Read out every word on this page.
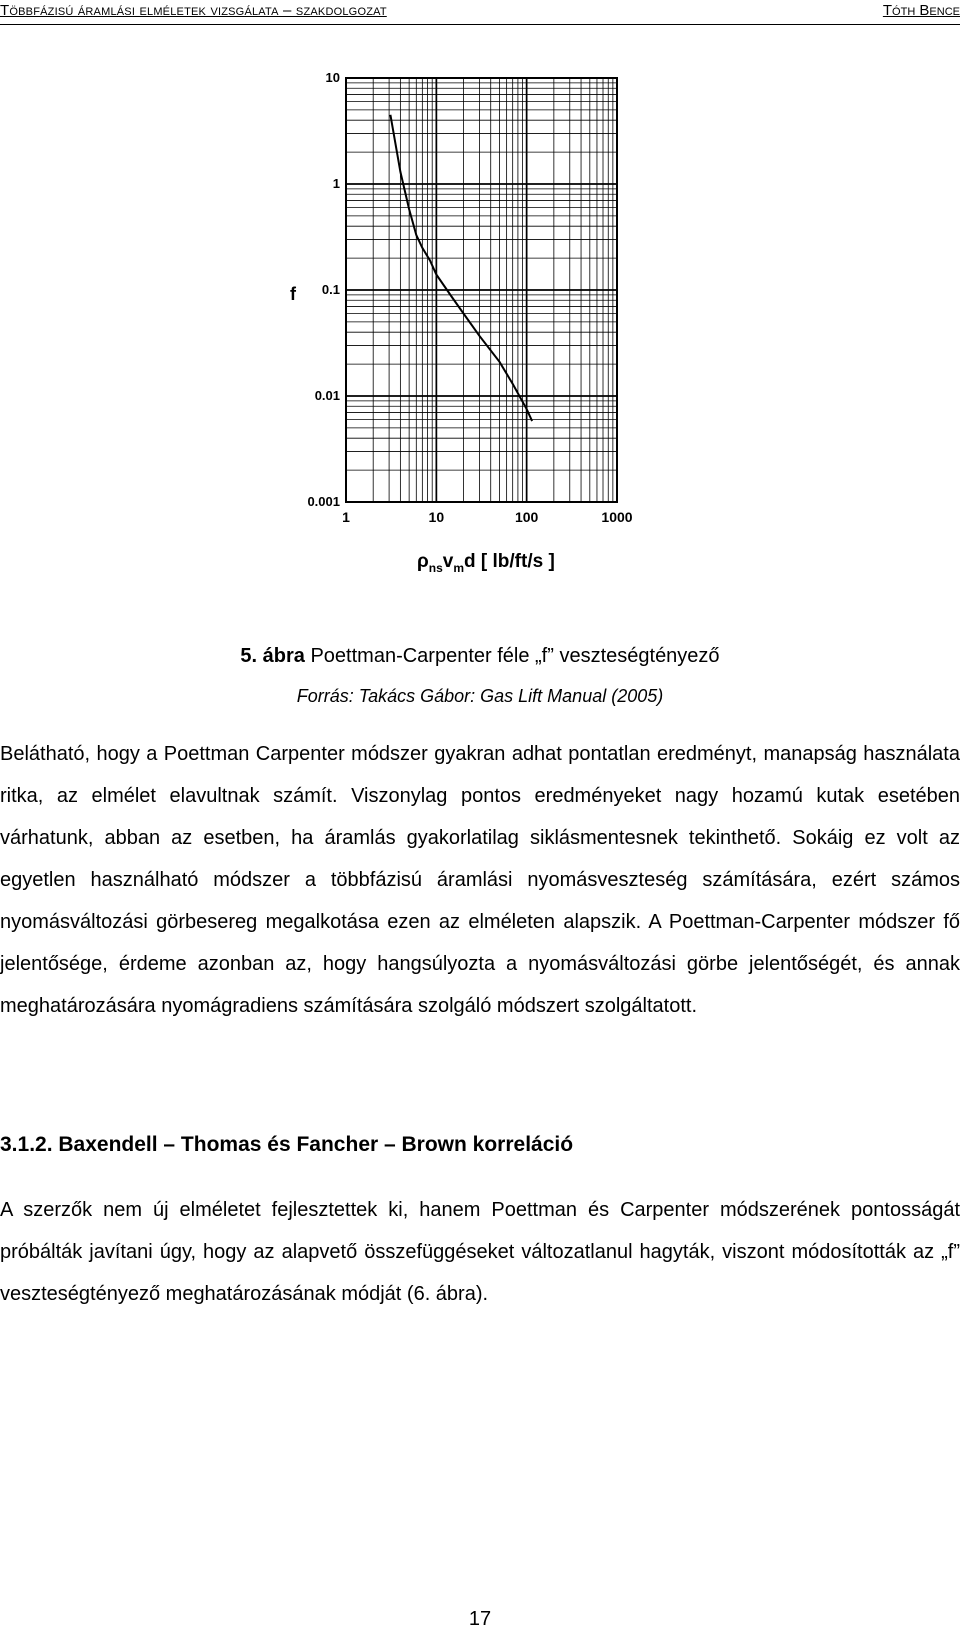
Többfázisú áramlási elméletek vizsgálata – szakdolgozat	Tóth Bence
10
1
0.1
0.01
0.001
1	10	100	1000
f
$\rho_{ns}v_md$ [ lb/ft/s ]
5. ábra Poettman-Carpenter féle „f” veszteségtényező
Forrás: Takács Gábor: Gas Lift Manual (2005)

Belátható, hogy a Poettman Carpenter módszer gyakran adhat pontatlan eredményt, manapság használata ritka, az elmélet elavultnak számít. Viszonylag pontos eredményeket nagy hozamú kutak esetében várhatunk, abban az esetben, ha áramlás gyakorlatilag siklásmentesnek tekinthető. Sokáig ez volt az egyetlen használható módszer a többfázisú áramlási nyomásveszteség számítására, ezért számos nyomásváltozási görbesereg megalkotása ezen az elméleten alapszik. A Poettman-Carpenter módszer fő jelentősége, érdeme azonban az, hogy hangsúlyozta a nyomásváltozási görbe jelentőségét, és annak meghatározására nyomágradiens számítására szolgáló módszert szolgáltatott.

3.1.2. Baxendell – Thomas és Fancher – Brown korreláció

A szerzők nem új elméletet fejlesztettek ki, hanem Poettman és Carpenter módszerének pontosságát próbálták javítani úgy, hogy az alapvető összefüggéseket változatlanul hagyták, viszont módosították az „f” veszteségtényező meghatározásának módját (6. ábra).

17
